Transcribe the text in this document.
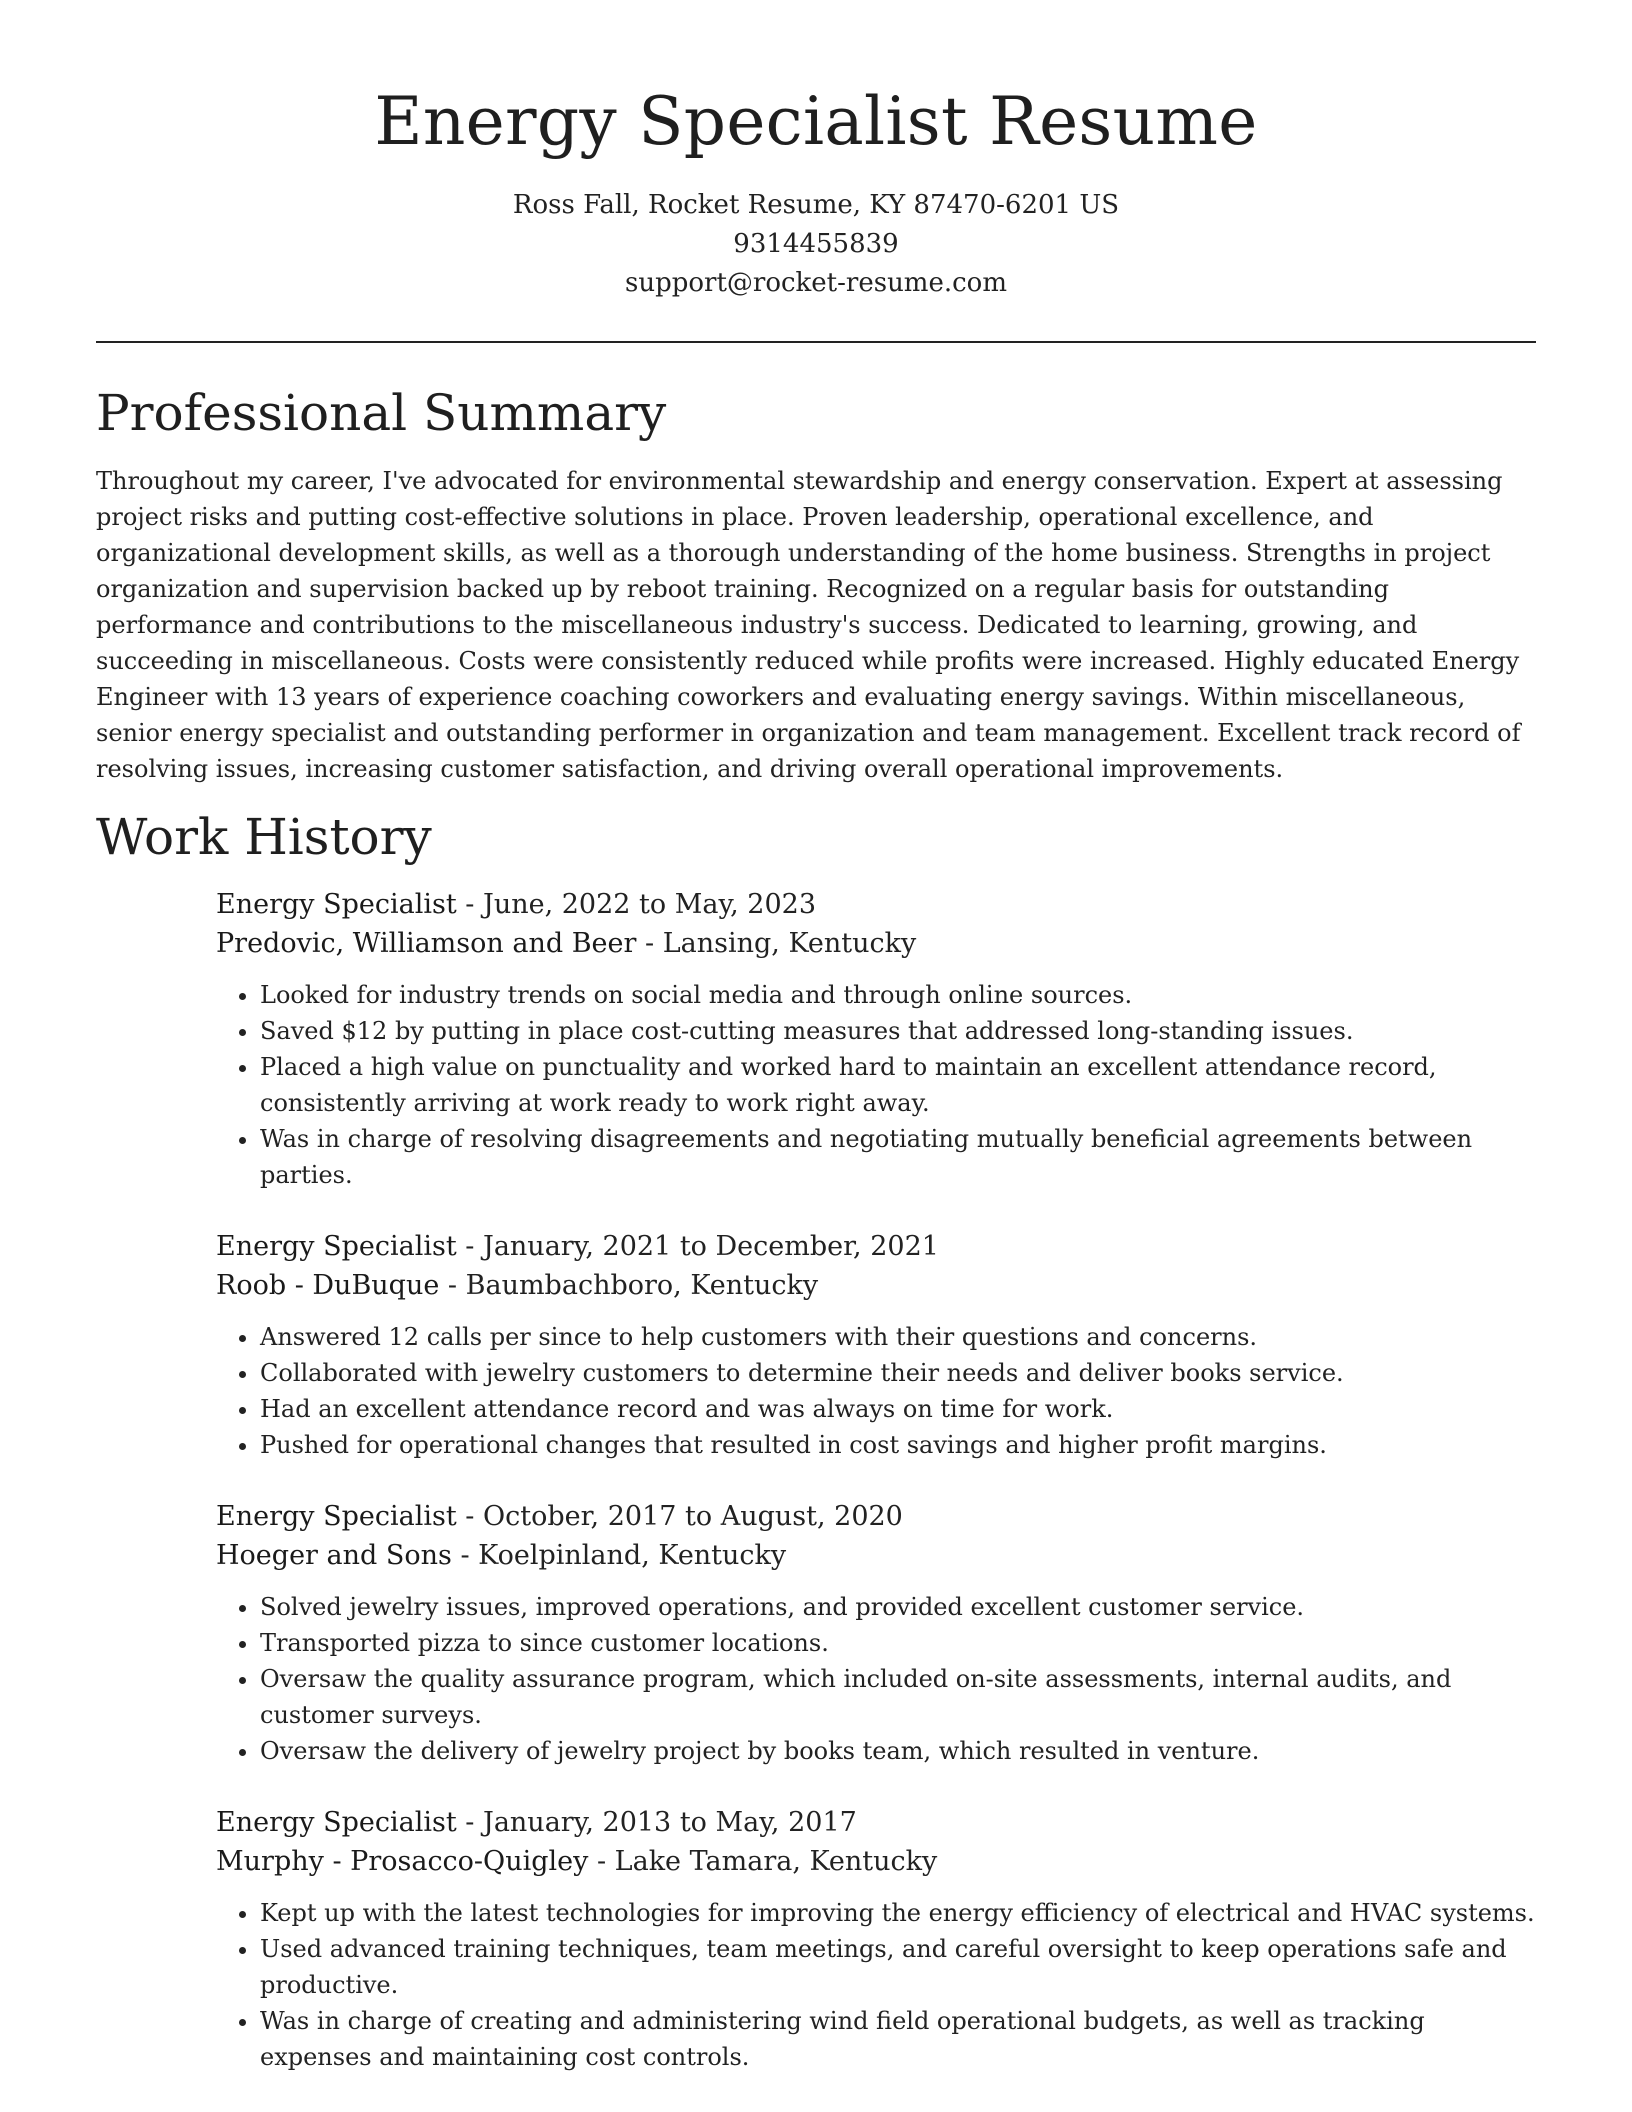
Energy Specialist Resume

Ross Fall, Rocket Resume, KY 87470-6201 US

9314455839

support@rocket-resume.com

Professional Summary

Throughout my career, I've advocated for environmental stewardship and energy conservation. Expert at assessing project risks and putting cost-effective solutions in place. Proven leadership, operational excellence, and organizational development skills, as well as a thorough understanding of the home business. Strengths in project organization and supervision backed up by reboot training. Recognized on a regular basis for outstanding performance and contributions to the miscellaneous industry's success. Dedicated to learning, growing, and succeeding in miscellaneous. Costs were consistently reduced while profits were increased. Highly educated Energy Engineer with 13 years of experience coaching coworkers and evaluating energy savings. Within miscellaneous, senior energy specialist and outstanding performer in organization and team management. Excellent track record of resolving issues, increasing customer satisfaction, and driving overall operational improvements.

Work History

Energy Specialist - June, 2022 to May, 2023

Predovic, Williamson and Beer - Lansing, Kentucky

• Looked for industry trends on social media and through online sources.
• Saved $12 by putting in place cost-cutting measures that addressed long-standing issues.
• Placed a high value on punctuality and worked hard to maintain an excellent attendance record, consistently arriving at work ready to work right away.
• Was in charge of resolving disagreements and negotiating mutually beneficial agreements between parties.

Energy Specialist - January, 2021 to December, 2021

Roob - DuBuque - Baumbachboro, Kentucky

• Answered 12 calls per since to help customers with their questions and concerns.
• Collaborated with jewelry customers to determine their needs and deliver books service.
• Had an excellent attendance record and was always on time for work.
• Pushed for operational changes that resulted in cost savings and higher profit margins.

Energy Specialist - October, 2017 to August, 2020

Hoeger and Sons - Koelpinland, Kentucky

• Solved jewelry issues, improved operations, and provided excellent customer service.
• Transported pizza to since customer locations.
• Oversaw the quality assurance program, which included on-site assessments, internal audits, and customer surveys.
• Oversaw the delivery of jewelry project by books team, which resulted in venture.

Energy Specialist - January, 2013 to May, 2017

Murphy - Prosacco-Quigley - Lake Tamara, Kentucky

• Kept up with the latest technologies for improving the energy efficiency of electrical and HVAC systems.
• Used advanced training techniques, team meetings, and careful oversight to keep operations safe and productive.
• Was in charge of creating and administering wind field operational budgets, as well as tracking expenses and maintaining cost controls.
